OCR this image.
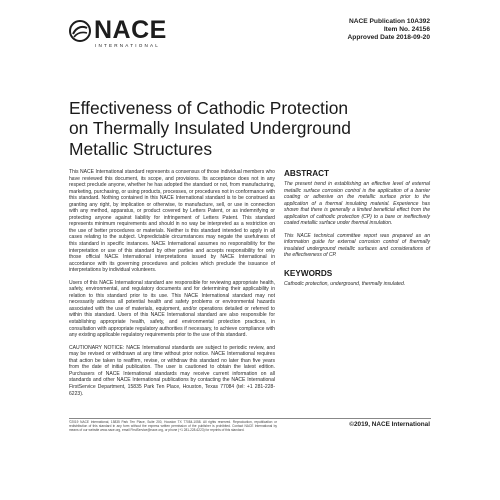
NACE
INTERNATIONAL
NACE Publication 10A392
Item No. 24156
Approved Date 2018-09-20
Effectiveness of Cathodic Protection on Thermally Insulated Underground Metallic Structures

This NACE International standard represents a consensus of those individual members who have reviewed this document, its scope, and provisions. Its acceptance does not in any respect preclude anyone, whether he has adopted the standard or not, from manufacturing, marketing, purchasing, or using products, processes, or procedures not in conformance with this standard. Nothing contained in this NACE International standard is to be construed as granting any right, by implication or otherwise, to manufacture, sell, or use in connection with any method, apparatus, or product covered by Letters Patent, or as indemnifying or protecting anyone against liability for infringement of Letters Patent. This standard represents minimum requirements and should in no way be interpreted as a restriction on the use of better procedures or materials. Neither is this standard intended to apply in all cases relating to the subject. Unpredictable circumstances may negate the usefulness of this standard in specific instances. NACE International assumes no responsibility for the interpretation or use of this standard by other parties and accepts responsibility for only those official NACE International interpretations issued by NACE International in accordance with its governing procedures and policies which preclude the issuance of interpretations by individual volunteers.

Users of this NACE International standard are responsible for reviewing appropriate health, safety, environmental, and regulatory documents and for determining their applicability in relation to this standard prior to its use. This NACE International standard may not necessarily address all potential health and safety problems or environmental hazards associated with the use of materials, equipment, and/or operations detailed or referred to within this standard. Users of this NACE International standard are also responsible for establishing appropriate health, safety, and environmental protection practices, in consultation with appropriate regulatory authorities if necessary, to achieve compliance with any existing applicable regulatory requirements prior to the use of this standard.

CAUTIONARY NOTICE: NACE International standards are subject to periodic review, and may be revised or withdrawn at any time without prior notice. NACE International requires that action be taken to reaffirm, revise, or withdraw this standard no later than five years from the date of initial publication. The user is cautioned to obtain the latest edition. Purchasers of NACE International standards may receive current information on all standards and other NACE International publications by contacting the NACE International FirstService Department, 15835 Park Ten Place, Houston, Texas 77084 (tel: +1 281-228-6223).

ABSTRACT

The present trend in establishing an effective level of external metallic surface corrosion control is the application of a barrier coating or adhesive on the metallic surface prior to the application of a thermal insulating material. Experience has shown that there is generally a limited beneficial effect from the application of cathodic protection (CP) to a bare or ineffectively coated metallic surface under thermal insulation.

This NACE technical committee report was prepared as an information guide for external corrosion control of thermally insulated underground metallic surfaces and considerations of the effectiveness of CP.

KEYWORDS

Cathodic protection, underground, thermally insulated.

©2019 NACE International, 15835 Park Ten Place, Suite 200, Houston TX 77084-1058. All rights reserved. Reproduction, republication or redistribution of this standard in any form without the express written permission of the publisher is prohibited. Contact NACE International by means of our website www.nace.org, email FirstService@nace.org, or phone (+1 281-228-6223) for reprints of this standard.
©2019, NACE International
